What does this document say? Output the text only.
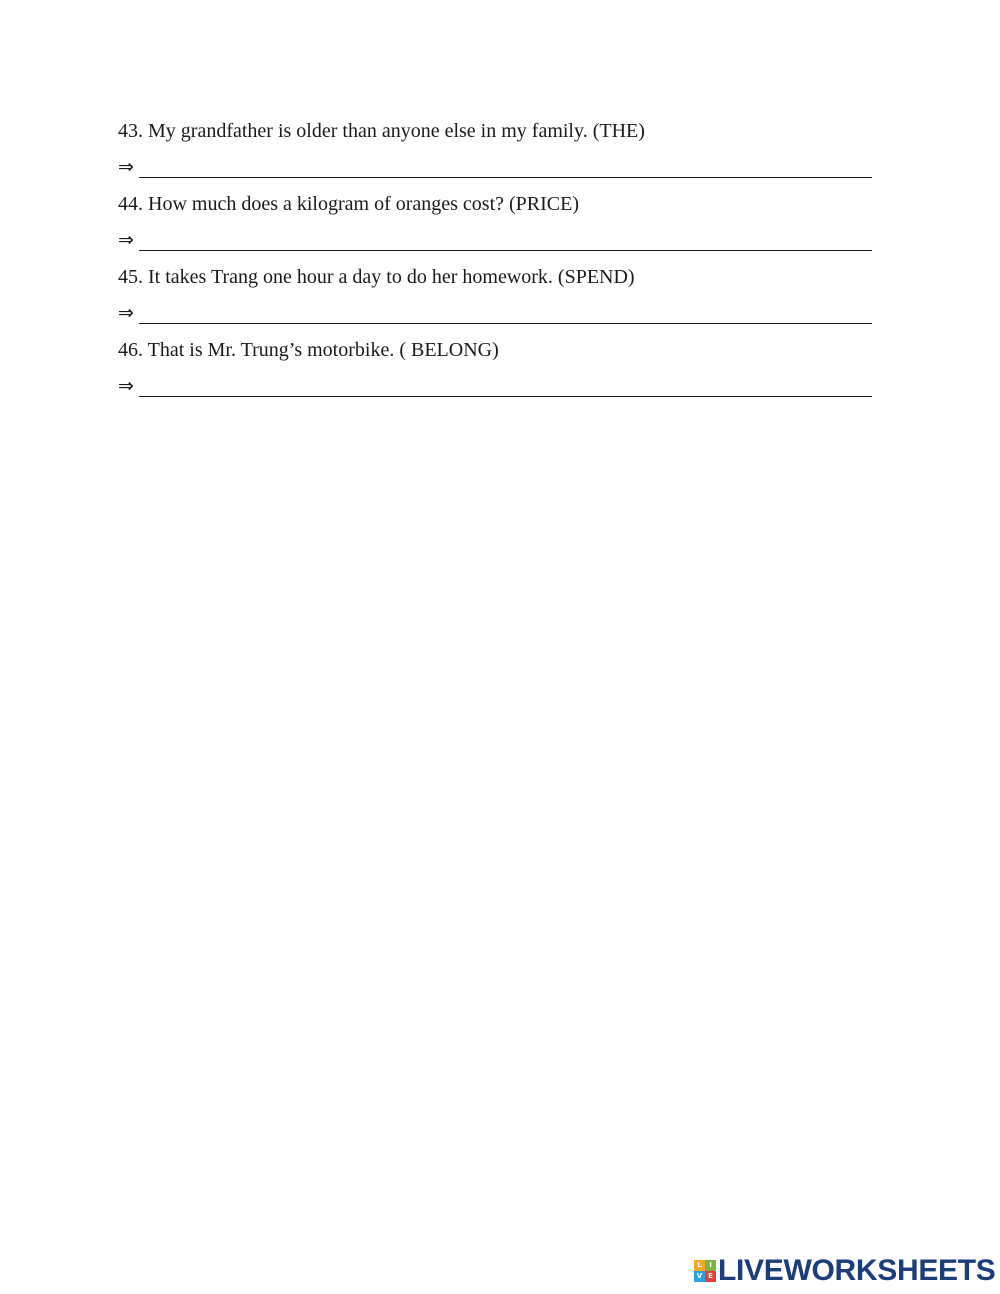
43. My grandfather is older than anyone else in my family. (THE)
⇒
44. How much does a kilogram of oranges cost? (PRICE)
⇒
45. It takes Trang one hour a day to do her homework. (SPEND)
⇒
46. That is Mr. Trung’s motorbike. ( BELONG)
⇒
L	I
V E LIVEWORKSHEETS
